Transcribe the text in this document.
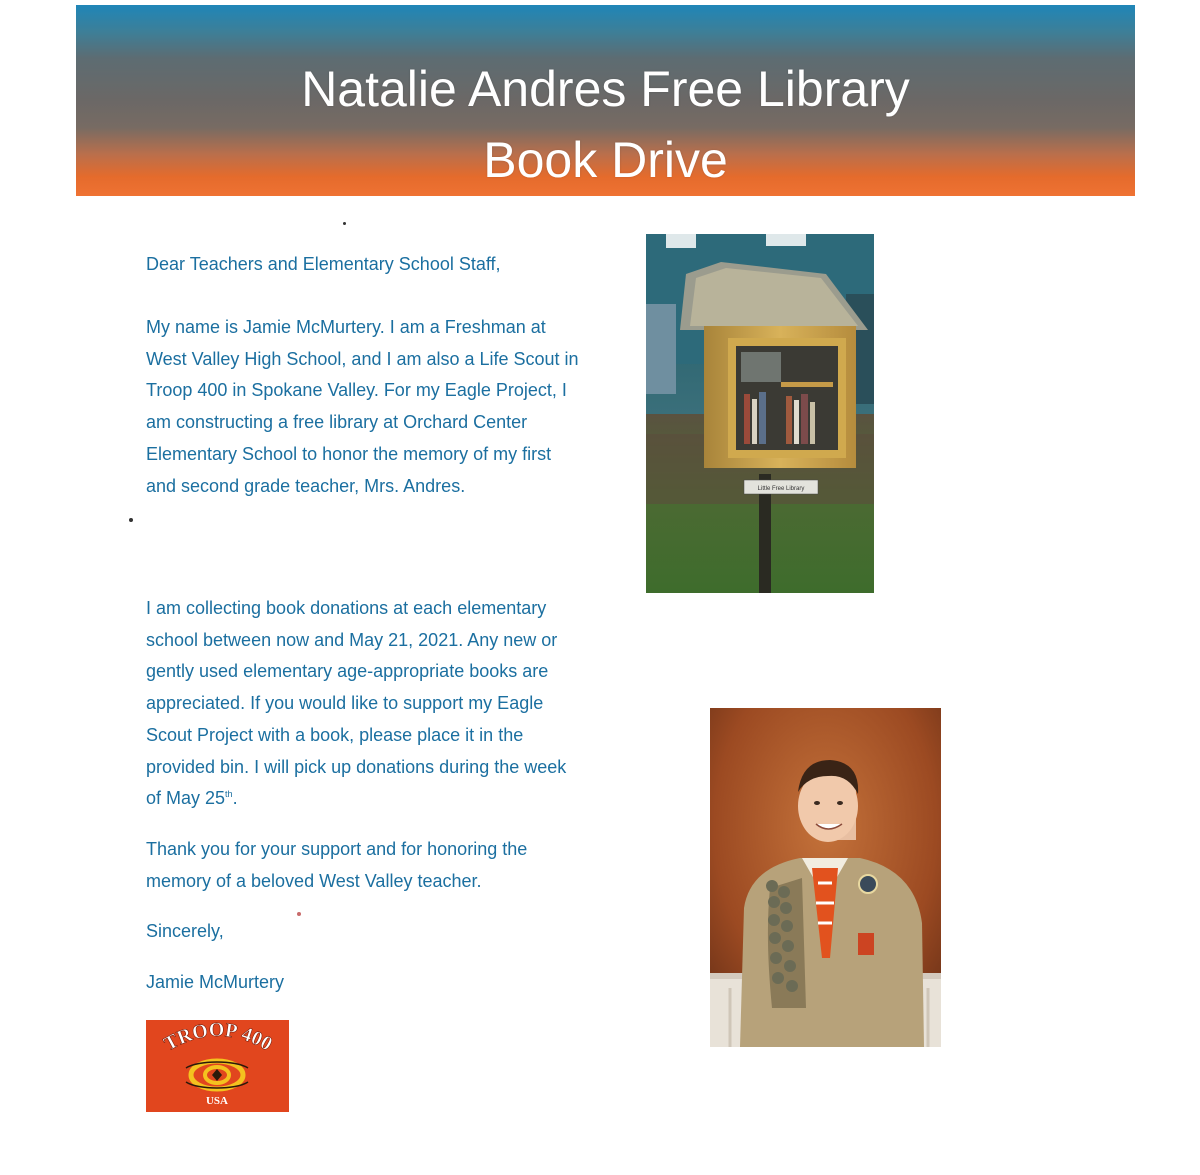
Natalie Andres Free Library
Book Drive
Dear Teachers and Elementary School Staff,
My name is Jamie McMurtery. I am a Freshman at West Valley High School, and I am also a Life Scout in Troop 400 in Spokane Valley. For my Eagle Project, I am constructing a free library at Orchard Center Elementary School to honor the memory of my first and second grade teacher, Mrs. Andres.
I am collecting book donations at each elementary school between now and May 21, 2021. Any new or gently used elementary age-appropriate books are appreciated. If you would like to support my Eagle Scout Project with a book, please place it in the provided bin. I will pick up donations during the week of May 25th.
Thank you for your support and for honoring the memory of a beloved West Valley teacher.
Sincerely,
Jamie McMurtery
TROOP 400
USA
Little Free Library
